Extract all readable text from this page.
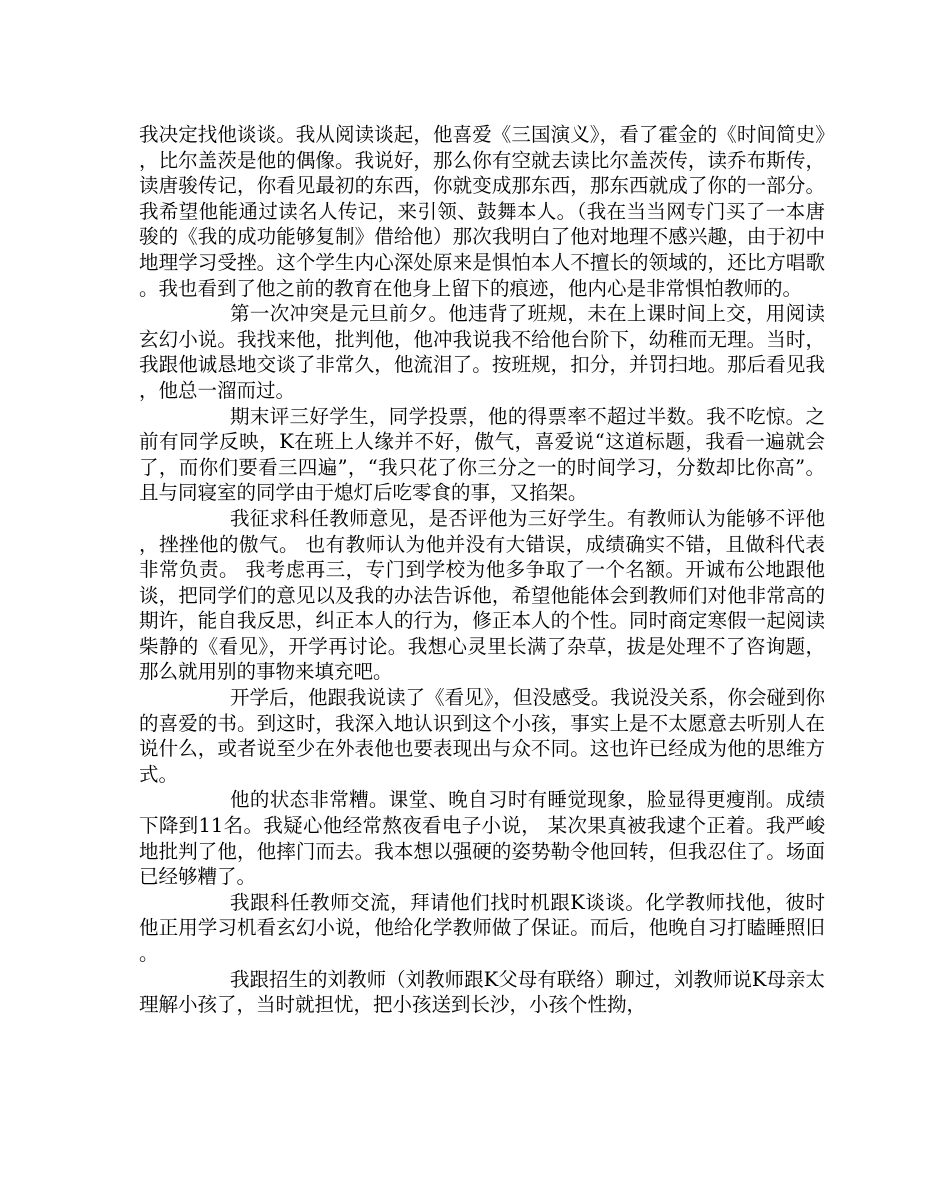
我决定找他谈谈。我从阅读谈起，他喜爱《三国演义》，看了霍金的《时间简史》，比尔盖茨是他的偶像。我说好，那么你有空就去读比尔盖茨传，读乔布斯传，读唐骏传记，你看见最初的东西，你就变成那东西，那东西就成了你的一部分。我希望他能通过读名人传记，来引领、鼓舞本人。（我在当当网专门买了一本唐骏的《我的成功能够复制》借给他）那次我明白了他对地理不感兴趣，由于初中地理学习受挫。这个学生内心深处原来是惧怕本人不擅长的领域的，还比方唱歌。我也看到了他之前的教育在他身上留下的痕迹，他内心是非常惧怕教师的。

第一次冲突是元旦前夕。他违背了班规，未在上课时间上交，用阅读玄幻小说。我找来他，批判他，他冲我说我不给他台阶下，幼稚而无理。当时，我跟他诚恳地交谈了非常久，他流泪了。按班规，扣分，并罚扫地。那后看见我，他总一溜而过。

期末评三好学生，同学投票，他的得票率不超过半数。我不吃惊。之前有同学反映，K在班上人缘并不好，傲气，喜爱说“这道标题，我看一遍就会了，而你们要看三四遍”，“我只花了你三分之一的时间学习，分数却比你高”。且与同寝室的同学由于熄灯后吃零食的事，又掐架。

我征求科任教师意见，是否评他为三好学生。有教师认为能够不评他，挫挫他的傲气。 也有教师认为他并没有大错误，成绩确实不错，且做科代表非常负责。 我考虑再三，专门到学校为他多争取了一个名额。开诚布公地跟他谈，把同学们的意见以及我的办法告诉他，希望他能体会到教师们对他非常高的期许，能自我反思，纠正本人的行为，修正本人的个性。同时商定寒假一起阅读柴静的《看见》，开学再讨论。我想心灵里长满了杂草，拔是处理不了咨询题，那么就用别的事物来填充吧。

开学后，他跟我说读了《看见》，但没感受。我说没关系，你会碰到你的喜爱的书。到这时，我深入地认识到这个小孩，事实上是不太愿意去听别人在说什么，或者说至少在外表他也要表现出与众不同。这也许已经成为他的思维方式。

他的状态非常糟。课堂、晚自习时有睡觉现象，脸显得更瘦削。成绩下降到11名。我疑心他经常熬夜看电子小说， 某次果真被我逮个正着。我严峻地批判了他，他摔门而去。我本想以强硬的姿势勒令他回转，但我忍住了。场面已经够糟了。

我跟科任教师交流，拜请他们找时机跟K谈谈。化学教师找他，彼时他正用学习机看玄幻小说，他给化学教师做了保证。而后，他晚自习打瞌睡照旧。

我跟招生的刘教师（刘教师跟K父母有联络）聊过，刘教师说K母亲太理解小孩了，当时就担忧，把小孩送到长沙，小孩个性拗，
